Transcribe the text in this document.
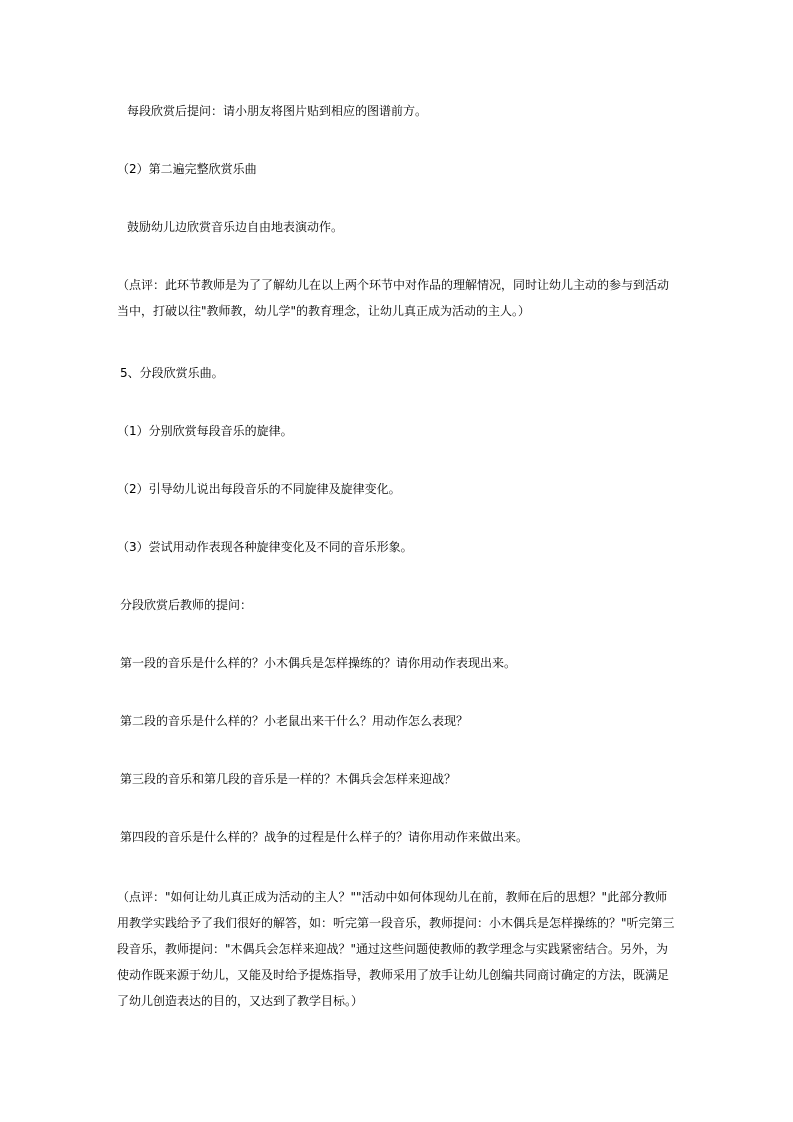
每段欣赏后提问：请小朋友将图片贴到相应的图谱前方。
（2）第二遍完整欣赏乐曲
鼓励幼儿边欣赏音乐边自由地表演动作。
（点评：此环节教师是为了了解幼儿在以上两个环节中对作品的理解情况，同时让幼儿主动的参与到活动
当中，打破以往"教师教，幼儿学"的教育理念，让幼儿真正成为活动的主人。）
5、分段欣赏乐曲。
（1）分别欣赏每段音乐的旋律。
（2）引导幼儿说出每段音乐的不同旋律及旋律变化。
（3）尝试用动作表现各种旋律变化及不同的音乐形象。
分段欣赏后教师的提问：
第一段的音乐是什么样的？小木偶兵是怎样操练的？请你用动作表现出来。
第二段的音乐是什么样的？小老鼠出来干什么？用动作怎么表现？
第三段的音乐和第几段的音乐是一样的？木偶兵会怎样来迎战？
第四段的音乐是什么样的？战争的过程是什么样子的？请你用动作来做出来。
（点评："如何让幼儿真正成为活动的主人？""活动中如何体现幼儿在前，教师在后的思想？"此部分教师
用教学实践给予了我们很好的解答，如：听完第一段音乐，教师提问：小木偶兵是怎样操练的？"听完第三
段音乐，教师提问："木偶兵会怎样来迎战？"通过这些问题使教师的教学理念与实践紧密结合。另外，为
使动作既来源于幼儿，又能及时给予提炼指导，教师采用了放手让幼儿创编共同商讨确定的方法，既满足
了幼儿创造表达的目的，又达到了教学目标。）
